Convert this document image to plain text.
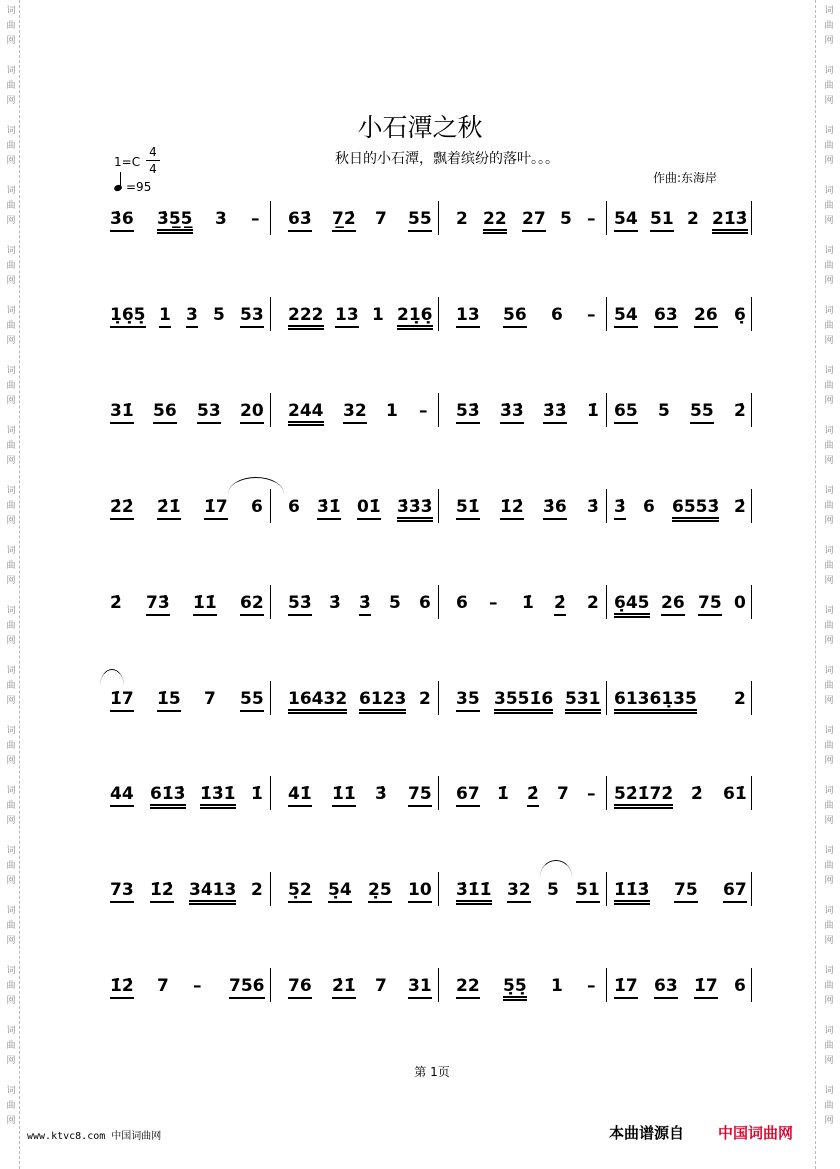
词
曲
网
词
曲
网
词
曲
网
词
曲
网
词
曲
网
词
曲
网
词
曲
网
词
曲
网
词
曲
网
词
曲
网
词
曲
网
词
曲
网
词
曲
网
词
曲
网
词
曲
网
词
曲
网
词
曲
网
词
曲
网
词
曲
网
词
曲
网
词
曲
网
词
曲
网
词
曲
网
词
曲
网
词
曲
网
词
曲
网
词
曲
网
词
曲
网
词
曲
网
词
曲
网
词
曲
网
词
曲
网
词
曲
网
词
曲
网
词
曲
网
词
曲
网
词
曲
网
词
曲
网
小石潭之秋
秋日的小石潭，飘着缤纷的落叶。。。
1=C
4
4
=95
作曲:东海岸
3̇6 3̇5̲5̲ 3 – 63̇ 7̲2̇ 7 55 2 22 27 5 – 54 51 2 21̇3̇
1̣6̣5̣ 1 3 5 53 222 13 1 21̣6̣ 13 56 6 – 54 63 26 6̣
31̇ 56 53 20 244 32 1 – 53̇ 3̇3̇ 3̇3̇ 1̇ 65 5 55 2̇
2̇2̇ 2̇1̇ 1̇7 6 6 3̇1̇ 01̇ 3̇3̇3̇ 51̇ 1̇2̇ 3̇6 3̇ 3̇ 6 6553̇ 2̇
2̇ 73̇ 1̇1̇ 62 53̇ 3̇ 3̇ 5 6 6 – 1̇ 2̇ 2 6̣45 26 75 0
1̇7 1̇5 7 55 16432 6123 2 35 3551̇6 531 61361̣35 2
44 61̇3̇ 1̇3̇1̇ 1̇ 41̇ 1̇1̇ 3̇ 75 67 1̇ 2̇ 7 – 52̇1̇72̇ 2̇ 61̇
73 1̇2̇ 3413 2 5̣2 5̣4 2̣5 10 3̇1̇1̇ 32 5 51 1̇1̇3̇ 75 67
1̇2̇ 7 – 756 76 2̇1̇ 7 31 22 5̣5̣ 1 – 1̇7 63 1̇7 6
第 1页
www.ktvc8.com 中国词曲网	本曲谱源自 中国词曲网
